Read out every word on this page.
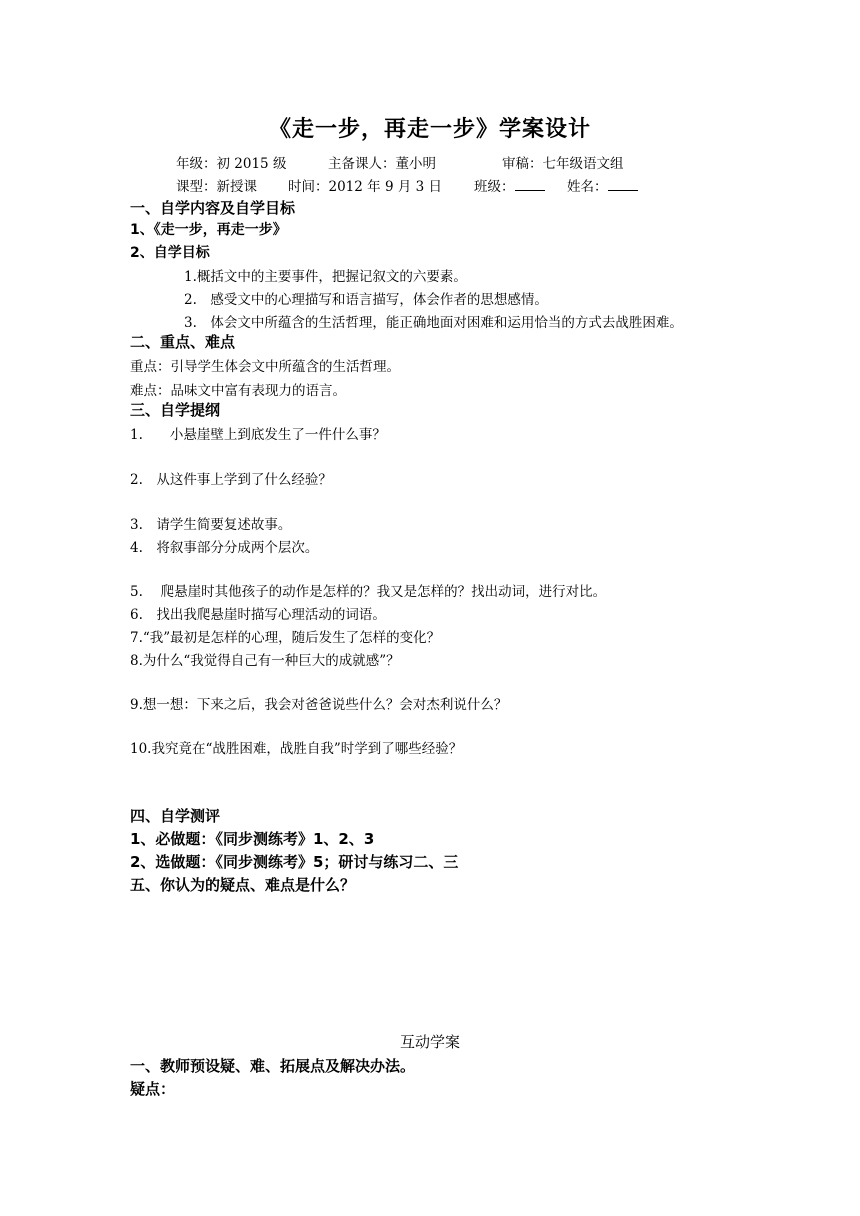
《走一步，再走一步》学案设计
年级：初 2015 级	主备课人：董小明	审稿：七年级语文组
课型：新授课 时间：2012 年 9 月 3 日 班级：	姓名：
一、自学内容及自学目标
1、《走一步，再走一步》
2、自学目标
1.概括文中的主要事件，把握记叙文的六要素。
2.　感受文中的心理描写和语言描写，体会作者的思想感情。
3.　体会文中所蕴含的生活哲理，能正确地面对困难和运用恰当的方式去战胜困难。
二、重点、难点
重点：引导学生体会文中所蕴含的生活哲理。
难点：品味文中富有表现力的语言。
三、自学提纲
1.　　小悬崖壁上到底发生了一件什么事？
2.　从这件事上学到了什么经验？
3.　请学生简要复述故事。
4.　将叙事部分分成两个层次。
5.　 爬悬崖时其他孩子的动作是怎样的？我又是怎样的？找出动词，进行对比。
6.　找出我爬悬崖时描写心理活动的词语。
7.“我”最初是怎样的心理，随后发生了怎样的变化？
8.为什么“我觉得自己有一种巨大的成就感”？
9.想一想：下来之后，我会对爸爸说些什么？会对杰利说什么？
10.我究竟在“战胜困难，战胜自我”时学到了哪些经验？
四、自学测评
1、必做题：《同步测练考》1、2、3
2、选做题：《同步测练考》5；研讨与练习二、三
五、你认为的疑点、难点是什么？
互动学案
一、教师预设疑、难、拓展点及解决办法。
疑点：
